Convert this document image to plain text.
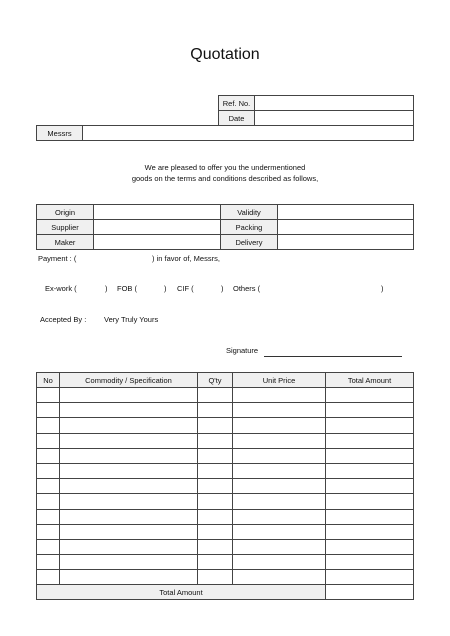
Quotation
Ref. No.	
Date	
Messrs	
We are pleased to offer you the undermentioned
goods on the terms and conditions described as follows,
Origin		Validity	
Supplier		Packing	
Maker		Delivery	
Payment : (	) in favor of, Messrs,
Ex-work (	) FOB (	) CIF (	) Others (	)
Accepted By : Very Truly Yours
Signature
No	Commodity / Specification	Q'ty	Unit Price	Total Amount

Total Amount				
